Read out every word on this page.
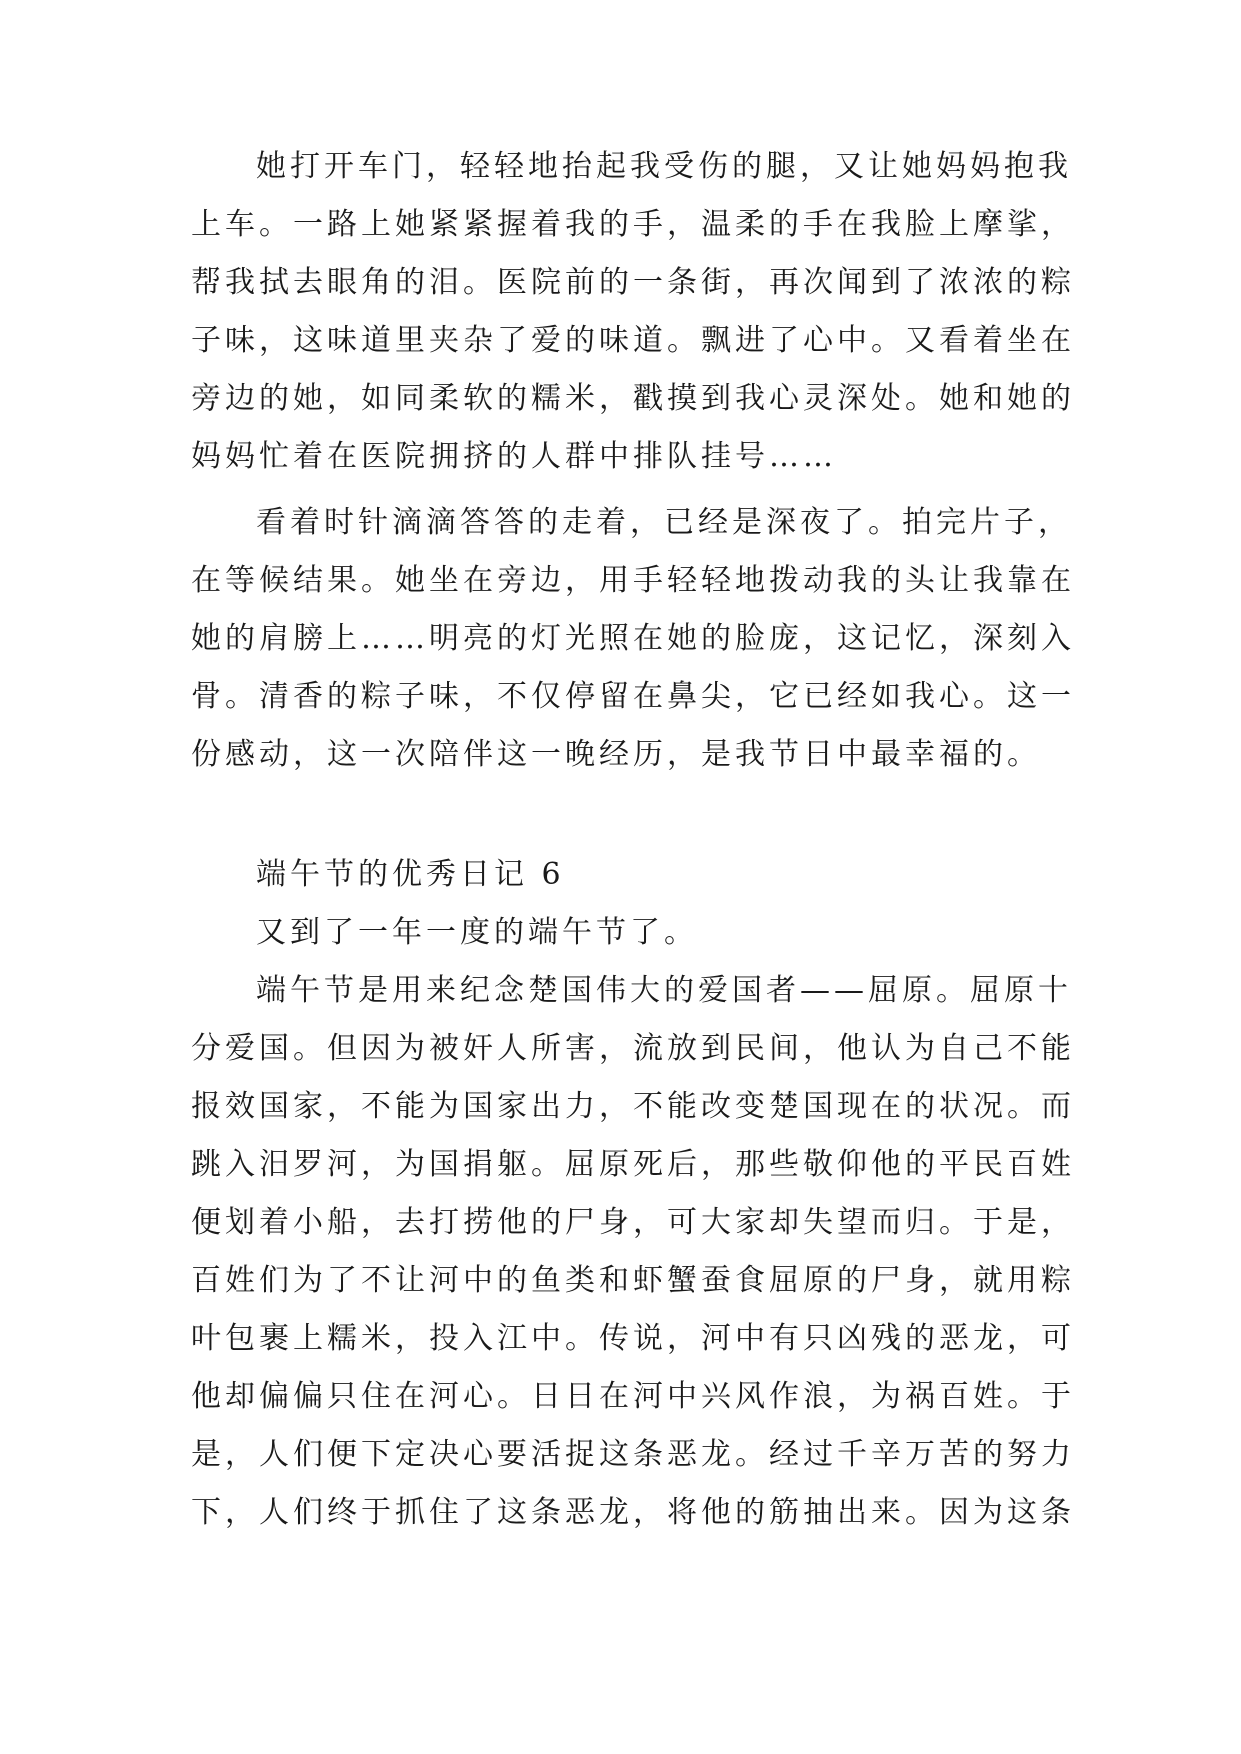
她打开车门，轻轻地抬起我受伤的腿，又让她妈妈抱我
上车。一路上她紧紧握着我的手，温柔的手在我脸上摩挲，
帮我拭去眼角的泪。医院前的一条街，再次闻到了浓浓的粽
子味，这味道里夹杂了爱的味道。飘进了心中。又看着坐在
旁边的她，如同柔软的糯米，戳摸到我心灵深处。她和她的
妈妈忙着在医院拥挤的人群中排队挂号……
看着时针滴滴答答的走着，已经是深夜了。拍完片子，
在等候结果。她坐在旁边，用手轻轻地拨动我的头让我靠在
她的肩膀上……明亮的灯光照在她的脸庞，这记忆，深刻入
骨。清香的粽子味，不仅停留在鼻尖，它已经如我心。这一
份感动，这一次陪伴这一晚经历，是我节日中最幸福的。
端午节的优秀日记 6
又到了一年一度的端午节了。
端午节是用来纪念楚国伟大的爱国者——屈原。屈原十
分爱国。但因为被奸人所害，流放到民间，他认为自己不能
报效国家，不能为国家出力，不能改变楚国现在的状况。而
跳入汨罗河，为国捐躯。屈原死后，那些敬仰他的平民百姓
便划着小船，去打捞他的尸身，可大家却失望而归。于是，
百姓们为了不让河中的鱼类和虾蟹蚕食屈原的尸身，就用粽
叶包裹上糯米，投入江中。传说，河中有只凶残的恶龙，可
他却偏偏只住在河心。日日在河中兴风作浪，为祸百姓。于
是，人们便下定决心要活捉这条恶龙。经过千辛万苦的努力
下，人们终于抓住了这条恶龙，将他的筋抽出来。因为这条
